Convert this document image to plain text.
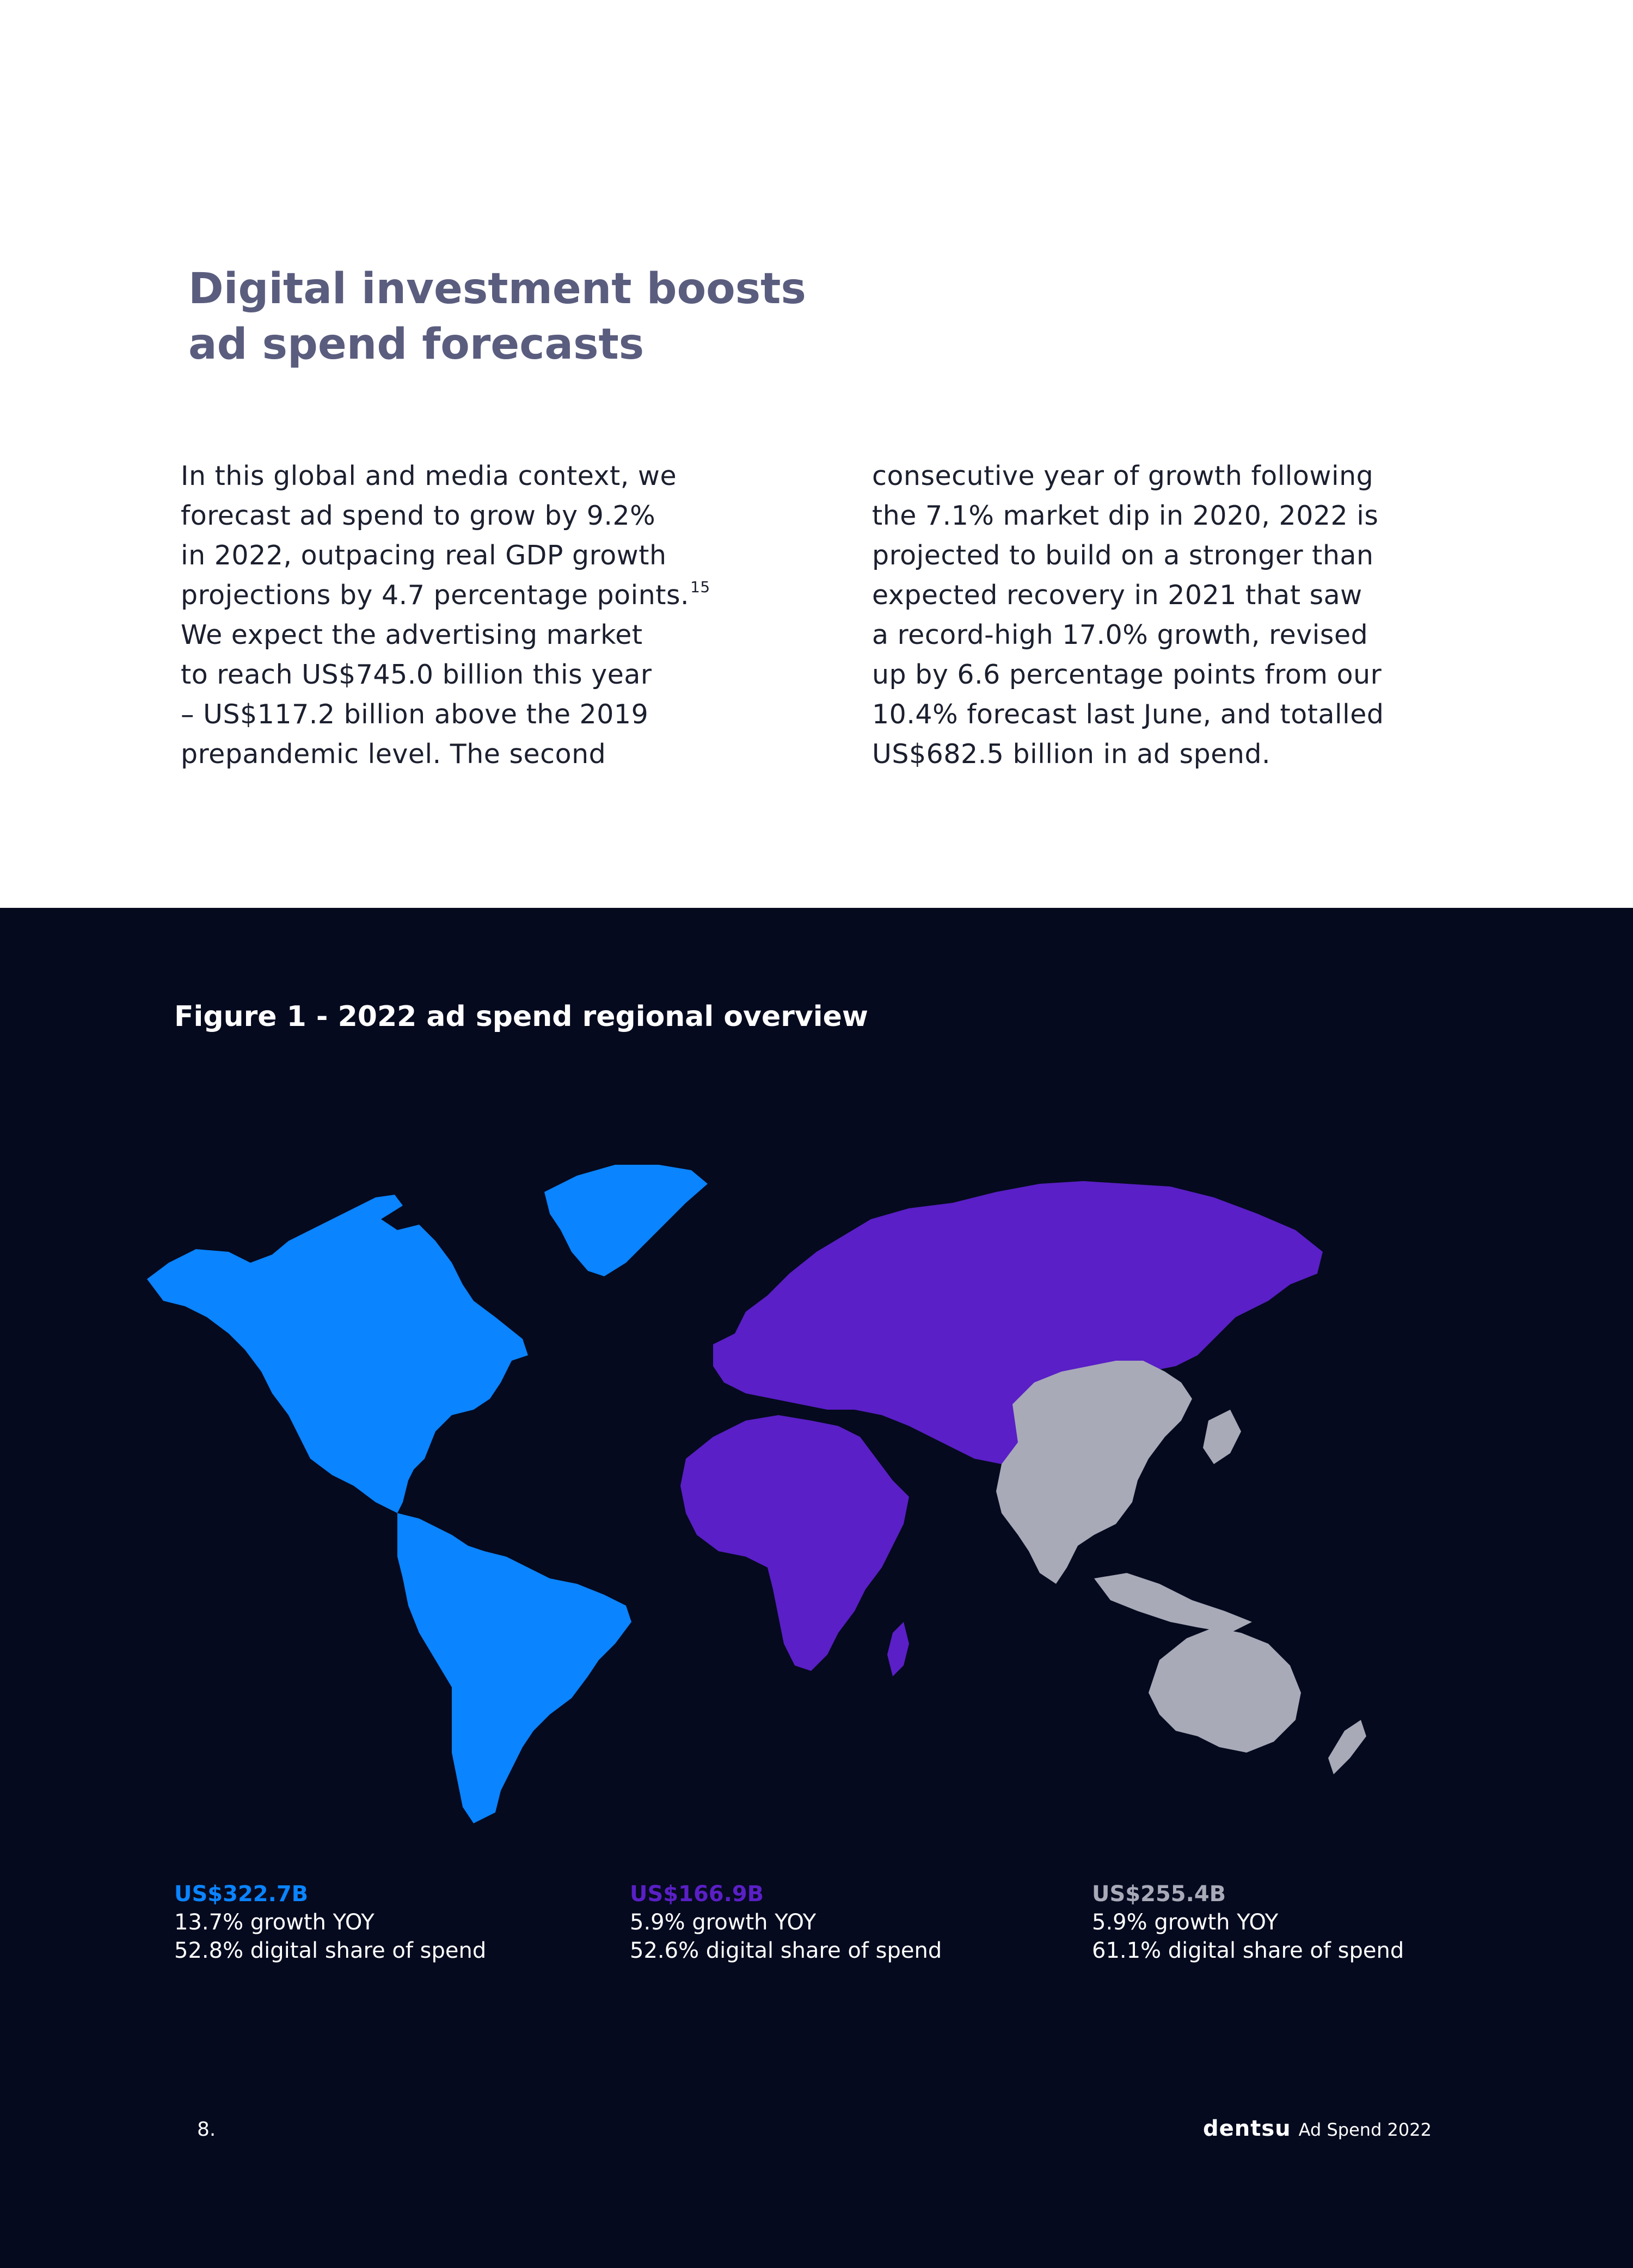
Digital investment boosts
ad spend forecasts
In this global and media context, we
forecast ad spend to grow by 9.2%
in 2022, outpacing real GDP growth
projections by 4.7 percentage points.$^{15}$
We expect the advertising market
to reach US$745.0 billion this year
– US$117.2 billion above the 2019
prepandemic level. The second
consecutive year of growth following
the 7.1% market dip in 2020, 2022 is
projected to build on a stronger than
expected recovery in 2021 that saw
a record-high 17.0% growth, revised
up by 6.6 percentage points from our
10.4% forecast last June, and totalled
US$682.5 billion in ad spend.
Figure 1 - 2022 ad spend regional overview
US$322.7B
13.7% growth YOY
52.8% digital share of spend
US$166.9B
5.9% growth YOY
52.6% digital share of spend
US$255.4B
5.9% growth YOY
61.1% digital share of spend
8.	dentsu Ad Spend 2022
